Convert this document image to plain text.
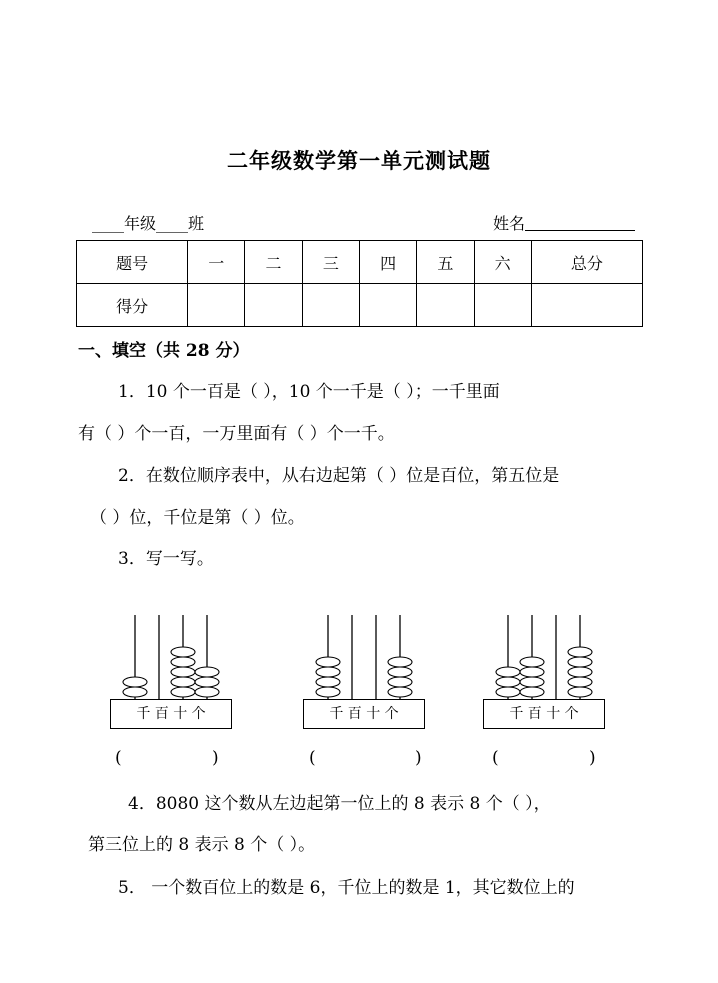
二年级数学第一单元测试题
____年级____班	姓名
题号	一	二	三	四	五	六	总分
得分							
一、填空（共 28 分）
1．10 个一百是（ ），10 个一千是（ ）；一千里面
有（ ）个一百，一万里面有（ ）个一千。
2．在数位顺序表中，从右边起第（ ）位是百位，第五位是
（ ）位，千位是第（ ）位。
3．写一写。
千 百 十 个	千 百 十 个	千 百 十 个
(	)	(	)	(	)
4．8080 这个数从左边起第一位上的 8 表示 8 个（ ），
第三位上的 8 表示 8 个（ ）。
5． 一个数百位上的数是 6，千位上的数是 1，其它数位上的
